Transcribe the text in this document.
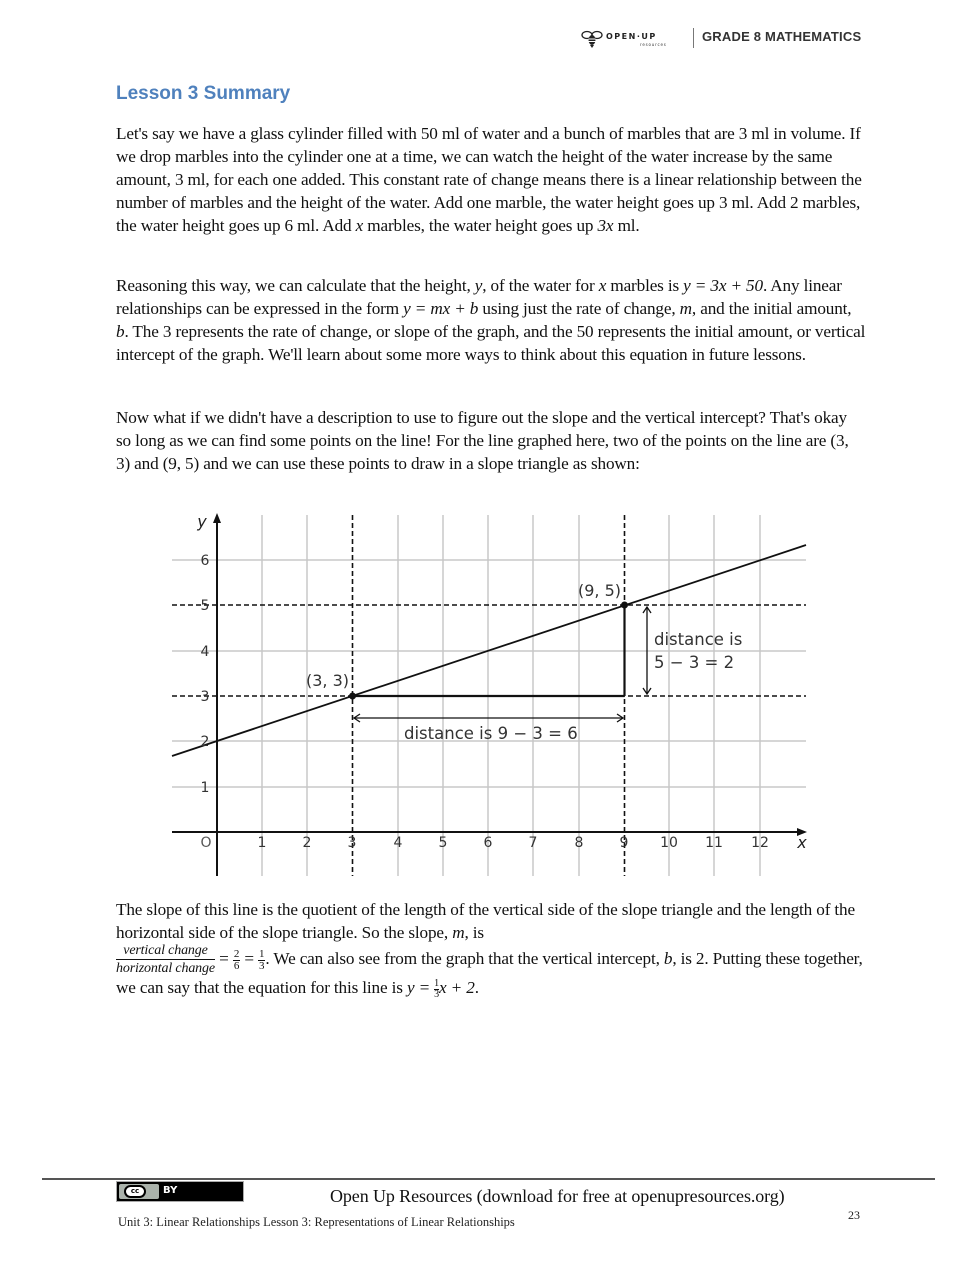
OPEN·UP
resources
GRADE 8 MATHEMATICS
Lesson 3 Summary
Let's say we have a glass cylinder filled with 50 ml of water and a bunch of marbles that are 3 ml in volume. If we drop marbles into the cylinder one at a time, we can watch the height of the water increase by the same amount, 3 ml, for each one added. This constant rate of change means there is a linear relationship between the number of marbles and the height of the water. Add one marble, the water height goes up 3 ml. Add 2 marbles, the water height goes up 6 ml. Add x marbles, the water height goes up 3x ml.
Reasoning this way, we can calculate that the height, y, of the water for x marbles is y = 3x + 50. Any linear relationships can be expressed in the form y = mx + b using just the rate of change, m, and the initial amount, b. The 3 represents the rate of change, or slope of the graph, and the 50 represents the initial amount, or vertical intercept of the graph. We'll learn about some more ways to think about this equation in future lessons.
Now what if we didn't have a description to use to figure out the slope and the vertical intercept? That's okay so long as we can find some points on the line! For the line graphed here, two of the points on the line are (3, 3) and (9, 5) and we can use these points to draw in a slope triangle as shown:
1	2	3	4	5	6	7	8	9 10 11 12
1
2
3
4
5
6
O	x
y
(3, 3)
(9, 5)
distance is 9 − 3 = 6
distance is
5 − 3 = 2
The slope of this line is the quotient of the length of the vertical side of the slope triangle and the length of the horizontal side of the slope triangle. So the slope, m, is

$\frac{\text{vertical change}}{\text{horizontal change}} = \frac{2}{6} = \frac{1}{3}$ . We can also see from the graph that the vertical intercept, b, is 2. Putting these together, we can say that the equation for this line is $y = \frac{1}{3}x + 2$.
cc	BY	Open Up Resources (download for free at openupresources.org)
23
Unit 3: Linear Relationships Lesson 3: Representations of Linear Relationships
